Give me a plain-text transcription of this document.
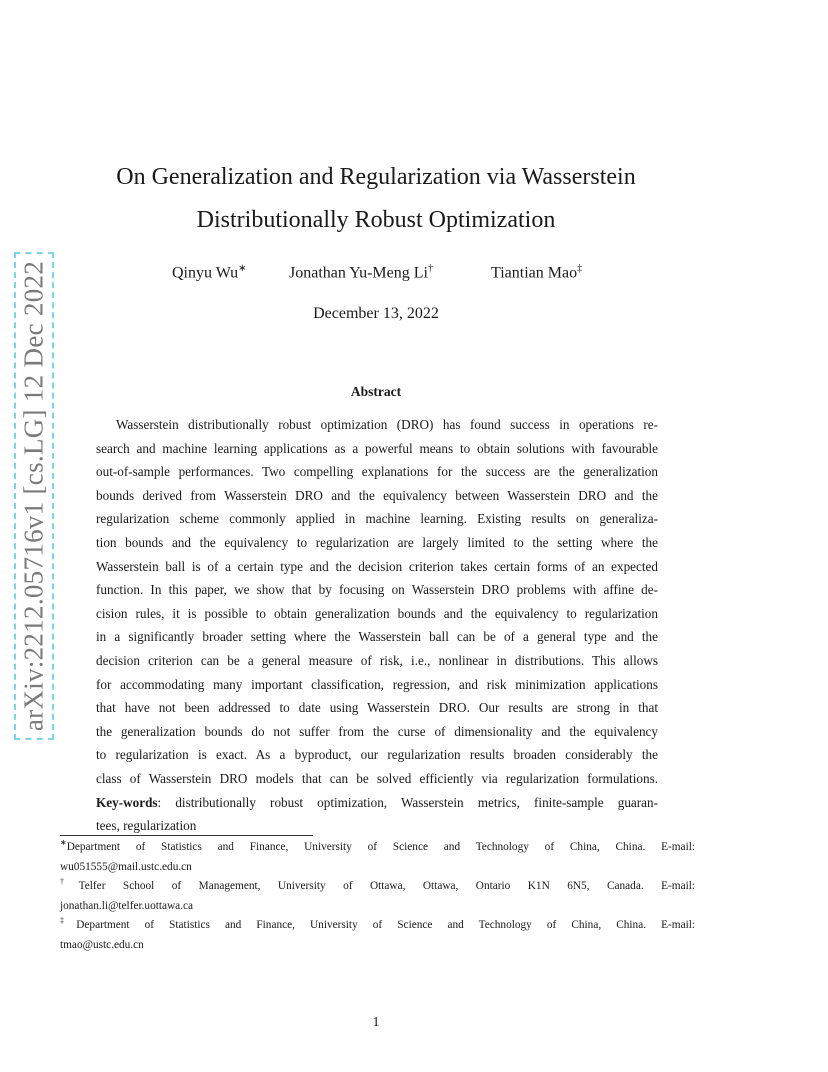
arXiv:2212.05716v1 [cs.LG] 12 Dec 2022
On Generalization and Regularization via Wasserstein
Distributionally Robust Optimization
Qinyu Wu∗	Jonathan Yu-Meng Li†	Tiantian Mao‡
December 13, 2022
Abstract
Wasserstein distributionally robust optimization (DRO) has found success in operations re-
search and machine learning applications as a powerful means to obtain solutions with favourable
out-of-sample performances. Two compelling explanations for the success are the generalization
bounds derived from Wasserstein DRO and the equivalency between Wasserstein DRO and the
regularization scheme commonly applied in machine learning. Existing results on generaliza-
tion bounds and the equivalency to regularization are largely limited to the setting where the
Wasserstein ball is of a certain type and the decision criterion takes certain forms of an expected
function. In this paper, we show that by focusing on Wasserstein DRO problems with affine de-
cision rules, it is possible to obtain generalization bounds and the equivalency to regularization
in a significantly broader setting where the Wasserstein ball can be of a general type and the
decision criterion can be a general measure of risk, i.e., nonlinear in distributions. This allows
for accommodating many important classification, regression, and risk minimization applications
that have not been addressed to date using Wasserstein DRO. Our results are strong in that
the generalization bounds do not suffer from the curse of dimensionality and the equivalency
to regularization is exact. As a byproduct, our regularization results broaden considerably the
class of Wasserstein DRO models that can be solved efficiently via regularization formulations.
Key-words: distributionally robust optimization, Wasserstein metrics, finite-sample guaran-
tees, regularization
∗Department of Statistics and Finance, University of Science and Technology of China, China. E-mail:
wu051555@mail.ustc.edu.cn
†Telfer School of Management, University of Ottawa, Ottawa, Ontario K1N 6N5, Canada. E-mail:
jonathan.li@telfer.uottawa.ca
‡Department of Statistics and Finance, University of Science and Technology of China, China. E-mail:
tmao@ustc.edu.cn
1
